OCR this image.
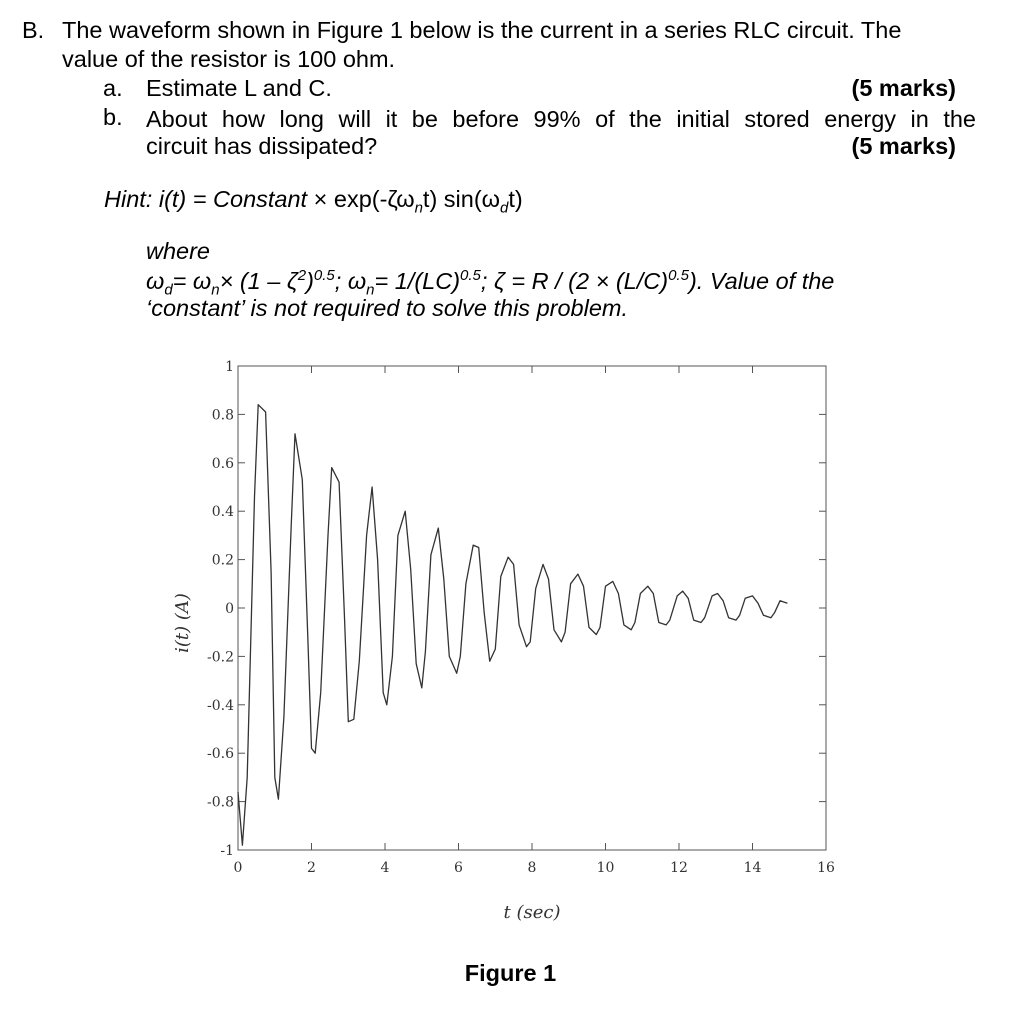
B. The waveform shown in Figure 1 below is the current in a series RLC circuit. The
value of the resistor is 100 ohm.
a. Estimate L and C.	(5 marks)
b. About how long will it be before 99% of the initial stored energy in the
circuit has dissipated?	(5 marks)
Hint: i(t) = Constant × $\exp(-\zeta\omega_nt)$ $\sin(\omega_dt)$
where
$\omega_d= \omega_n\times (1 - \zeta^2)^{0.5}$; $\omega_n= 1/(LC)^{0.5}$; $\zeta = R / (2 \times (L/C)^{0.5})$. Value of the
‘constant’ is not required to solve this problem.
0	2	4	6	8	10	12	14	16
1
0.8
0.6
0.4
0.2
0
-0.2
-0.4
-0.6
-0.8
-1
t (sec)
i(t) (A)
Figure 1
